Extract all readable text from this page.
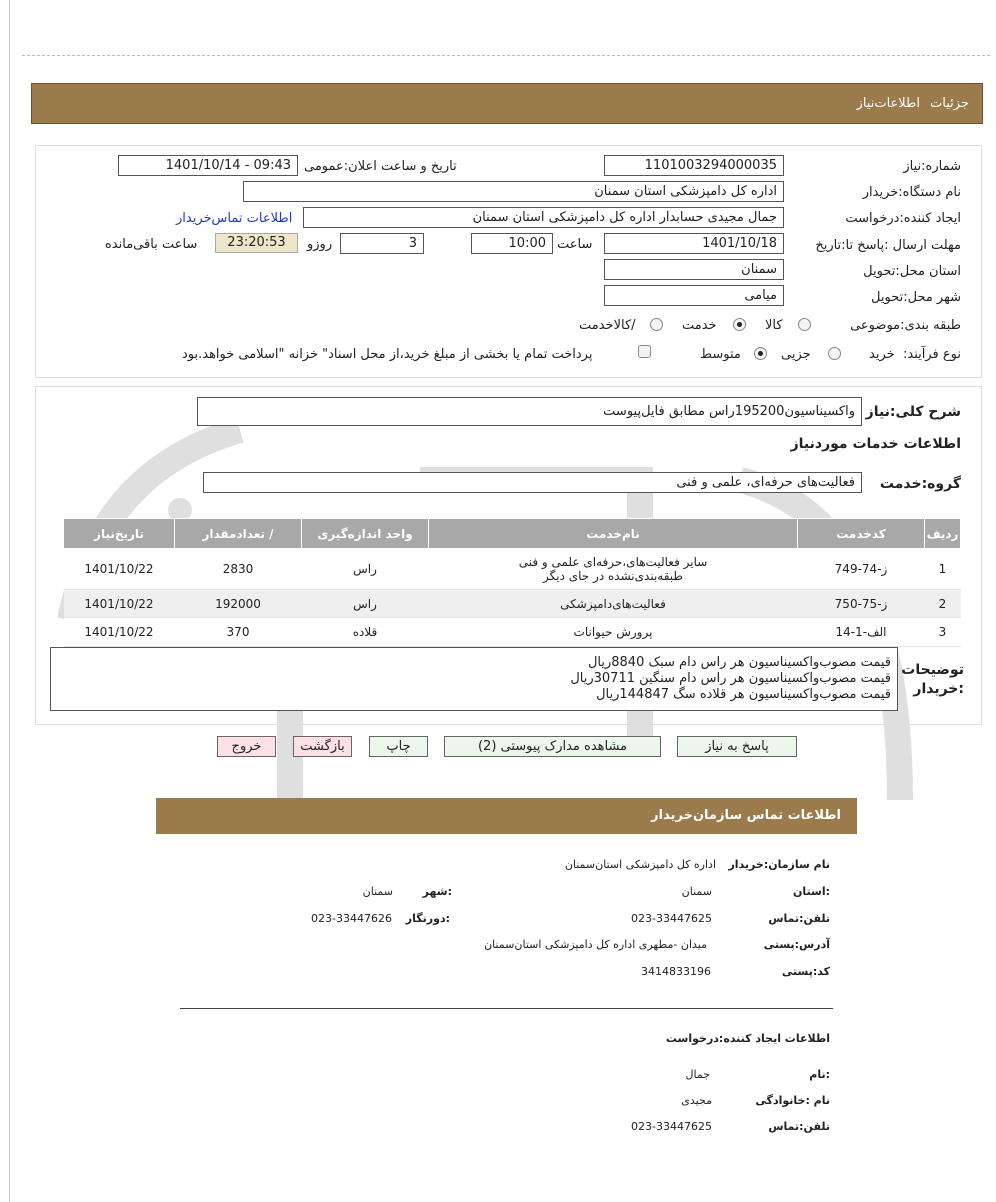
جزئیات
اطلاعات‌نیاز
شماره:نیاز
1101003294000035
تاریخ و ساعت اعلان:عمومی
1401/10/14 - 09:43
نام دستگاه:خریدار
اداره کل دامپزشکی استان سمنان
ایجاد کننده:درخواست
جمال مجیدی حسابدار اداره کل دامپزشکی استان سمنان
اطلاعات تماس‌خریدار
مهلت ارسال :پاسخ تا:تاریخ
1401/10/18
ساعت
10:00
3
روزو
23:20:53
ساعت باقی‌مانده
استان محل:تحویل
سمنان
شهر محل:تحویل
میامی
طبقه بندی:موضوعی
کالا
خدمت
/کالاخدمت
نوع فرآیند:
خرید
جزیی
متوسط
پرداخت تمام یا بخشی از مبلغ خرید،از محل اسناد" خزانه "اسلامی خواهد.بود
شرح کلی:نیاز
واکسیناسیون195200راس مطابق فایل‌پیوست
اطلاعات خدمات موردنیاز
گروه:خدمت
فعالیت‌های حرفه‌ای، علمی و فنی
ردیف	کدخدمت	نام‌خدمت	واحد اندازه‌گیری	/ تعدادمقدار	تاریخ‌نیاز
1	ز-74-749	سایر فعالیت‌های،حرفه‌ای علمی و فنی
طبقه‌بندی‌نشده در جای دیگر	راس	2830	1401/10/22
2	ز-75-750	فعالیت‌های‌دامپزشکی	راس	192000	1401/10/22
3	الف-1-14	پرورش حیوانات	قلاده	370	1401/10/22
توضیحات
:خریدار
قیمت مصوب‌واکسیناسیون هر راس دام سبک 8840ریال
قیمت مصوب‌واکسیناسیون هر راس دام سنگین 30711ریال
قیمت مصوب‌واکسیناسیون هر قلاده سگ 144847ریال
پاسخ به نیاز
مشاهده مدارک پیوستی (2)
چاپ
بازگشت
خروج
اطلاعات تماس سازمان‌خریدار
نام سازمان:خریدار
اداره کل دامپزشکی استان‌سمنان
:استان
سمنان
:شهر
سمنان
تلفن:تماس
023-33447625
:دورنگار
023-33447626
آدرس:پستی
میدان -مطهری اداره کل دامپزشکی استان‌سمنان
کد:پستی
3414833196
اطلاعات ایجاد کننده:درخواست
:نام
جمال
نام :خانوادگی
مجیدی
تلفن:تماس
023-33447625
